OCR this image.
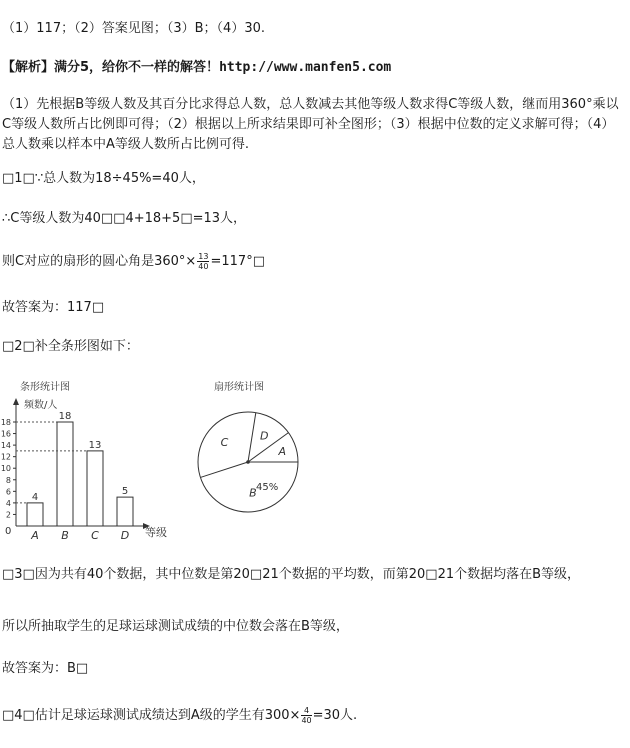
（1）117；（2）答案见图；（3）B；（4）30.
【解析】满分5，给你不一样的解答！http://www.manfen5.com
（1）先根据B等级人数及其百分比求得总人数，总人数减去其他等级人数求得C等级人数，继而用360°乘以C等级人数所占比例即可得；（2）根据以上所求结果即可补全图形；（3）根据中位数的定义求解可得；（4）总人数乘以样本中A等级人数所占比例可得.
□1□∵总人数为18÷45%=40人，
∴C等级人数为40□□4+18+5□=13人，
则C对应的扇形的圆心角是$360^\circ\times \frac{13}{40}$ =117°□
故答案为：117□
□2□补全条形图如下：
条形统计图
频数/人
等级
0
2
4
6
8
10
12
14
16
18
4
A
18
B
13
C
5
D
扇形统计图
C	D
A
B 45%
□3□因为共有40个数据，其中位数是第20□21个数据的平均数，而第20□21个数据均落在B等级，
所以所抽取学生的足球运球测试成绩的中位数会落在B等级，
故答案为：B□
□4□估计足球运球测试成绩达到A级的学生有$300\times \frac{4}{40} =30$人.
